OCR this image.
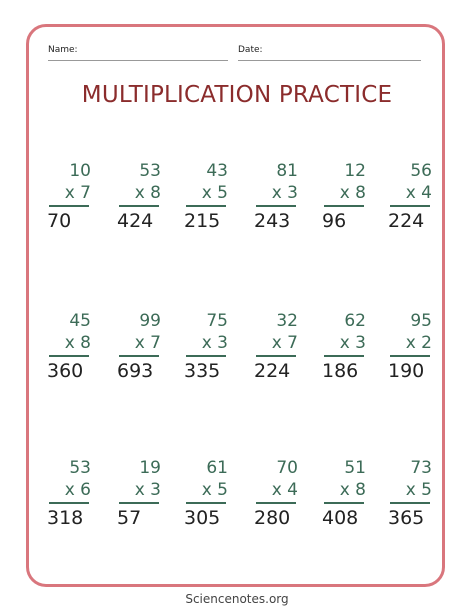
Name:	Date:
MULTIPLICATION PRACTICE
10
x 7
70
53
x 8
424
43
x 5
215
81
x 3
243
12
x 8
96
56
x 4
224
45
x 8
360
99
x 7
693
75
x 3
335
32
x 7
224
62
x 3
186
95
x 2
190
53
x 6
318
19
x 3
57
61
x 5
305
70
x 4
280
51
x 8
408
73
x 5
365
Sciencenotes.org
